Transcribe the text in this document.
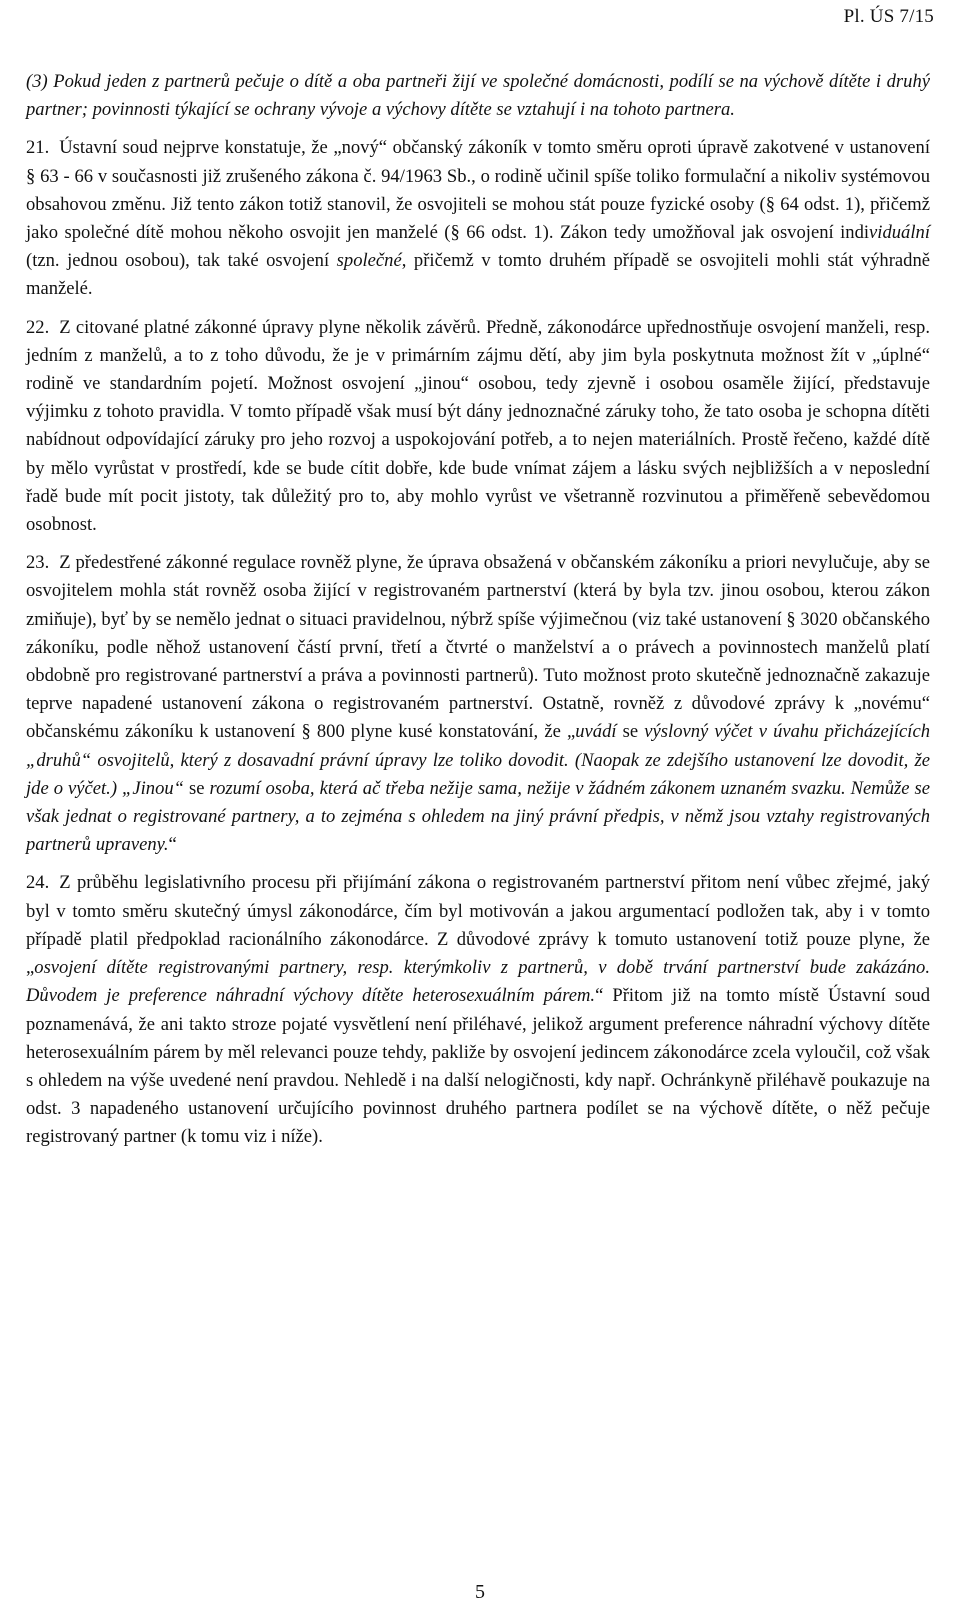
Pl. ÚS 7/15

(3) Pokud jeden z partnerů pečuje o dítě a oba partneři žijí ve společné domácnosti, podílí se na výchově dítěte i druhý partner; povinnosti týkající se ochrany vývoje a výchovy dítěte se vztahují i na tohoto partnera.

21. Ústavní soud nejprve konstatuje, že „nový“ občanský zákoník v tomto směru oproti úpravě zakotvené v ustanovení § 63 - 66 v současnosti již zrušeného zákona č. 94/1963 Sb., o rodině učinil spíše toliko formulační a nikoliv systémovou obsahovou změnu. Již tento zákon totiž stanovil, že osvojiteli se mohou stát pouze fyzické osoby (§ 64 odst. 1), přičemž jako společné dítě mohou někoho osvojit jen manželé (§ 66 odst. 1). Zákon tedy umožňoval jak osvojení individuální (tzn. jednou osobou), tak také osvojení společné, přičemž v tomto druhém případě se osvojiteli mohli stát výhradně manželé.

22. Z citované platné zákonné úpravy plyne několik závěrů. Předně, zákonodárce upřednostňuje osvojení manželi, resp. jedním z manželů, a to z toho důvodu, že je v primárním zájmu dětí, aby jim byla poskytnuta možnost žít v „úplné“ rodině ve standardním pojetí. Možnost osvojení „jinou“ osobou, tedy zjevně i osobou osaměle žijící, představuje výjimku z tohoto pravidla. V tomto případě však musí být dány jednoznačné záruky toho, že tato osoba je schopna dítěti nabídnout odpovídající záruky pro jeho rozvoj a uspokojování potřeb, a to nejen materiálních. Prostě řečeno, každé dítě by mělo vyrůstat v prostředí, kde se bude cítit dobře, kde bude vnímat zájem a lásku svých nejbližších a v neposlední řadě bude mít pocit jistoty, tak důležitý pro to, aby mohlo vyrůst ve všetranně rozvinutou a přiměřeně sebevědomou osobnost.

23. Z předestřené zákonné regulace rovněž plyne, že úprava obsažená v občanském zákoníku a priori nevylučuje, aby se osvojitelem mohla stát rovněž osoba žijící v registrovaném partnerství (která by byla tzv. jinou osobou, kterou zákon zmiňuje), byť by se nemělo jednat o situaci pravidelnou, nýbrž spíše výjimečnou (viz také ustanovení § 3020 občanského zákoníku, podle něhož ustanovení částí první, třetí a čtvrté o manželství a o právech a povinnostech manželů platí obdobně pro registrované partnerství a práva a povinnosti partnerů). Tuto možnost proto skutečně jednoznačně zakazuje teprve napadené ustanovení zákona o registrovaném partnerství. Ostatně, rovněž z důvodové zprávy k „novému“ občanskému zákoníku k ustanovení § 800 plyne kusé konstatování, že „uvádí se výslovný výčet v úvahu přicházejících „druhů“ osvojitelů, který z dosavadní právní úpravy lze toliko dovodit. (Naopak ze zdejšího ustanovení lze dovodit, že jde o výčet.) „Jinou“ se rozumí osoba, která ač třeba nežije sama, nežije v žádném zákonem uznaném svazku. Nemůže se však jednat o registrované partnery, a to zejména s ohledem na jiný právní předpis, v němž jsou vztahy registrovaných partnerů upraveny.“

24. Z průběhu legislativního procesu při přijímání zákona o registrovaném partnerství přitom není vůbec zřejmé, jaký byl v tomto směru skutečný úmysl zákonodárce, čím byl motivován a jakou argumentací podložen tak, aby i v tomto případě platil předpoklad racionálního zákonodárce. Z důvodové zprávy k tomuto ustanovení totiž pouze plyne, že „osvojení dítěte registrovanými partnery, resp. kterýmkoliv z partnerů, v době trvání partnerství bude zakázáno. Důvodem je preference náhradní výchovy dítěte heterosexuálním párem.“ Přitom již na tomto místě Ústavní soud poznamenává, že ani takto stroze pojaté vysvětlení není přiléhavé, jelikož argument preference náhradní výchovy dítěte heterosexuálním párem by měl relevanci pouze tehdy, pakliže by osvojení jedincem zákonodárce zcela vyloučil, což však s ohledem na výše uvedené není pravdou. Nehledě i na další nelogičnosti, kdy např. Ochránkyně přiléhavě poukazuje na odst. 3 napadeného ustanovení určujícího povinnost druhého partnera podílet se na výchově dítěte, o něž pečuje registrovaný partner (k tomu viz i níže).

5
